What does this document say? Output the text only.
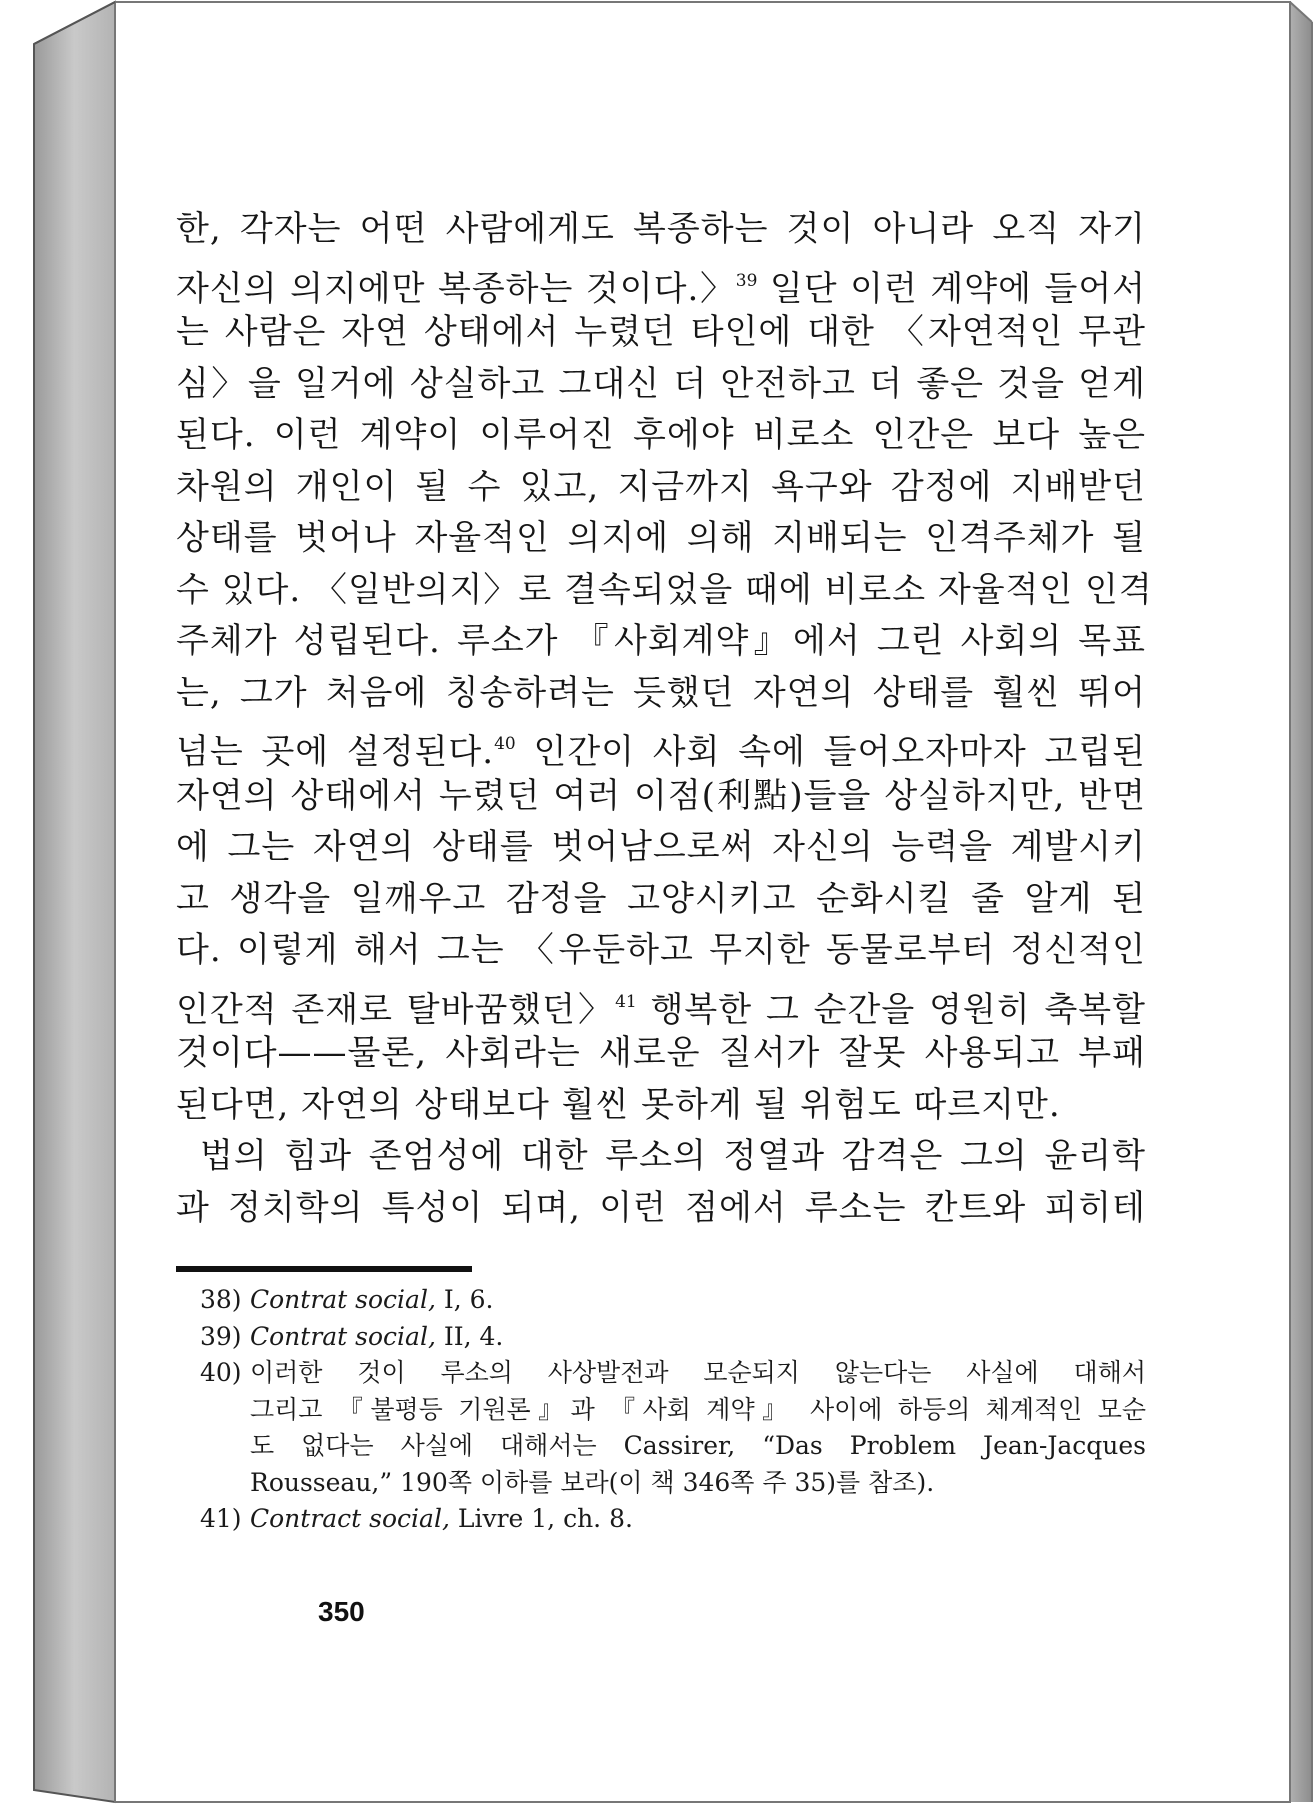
한, 각자는 어떤 사람에게도 복종하는 것이 아니라 오직 자기
자신의 의지에만 복종하는 것이다.〉$^{39}$ 일단 이런 계약에 들어서
는 사람은 자연 상태에서 누렸던 타인에 대한 〈자연적인 무관
심〉을 일거에 상실하고 그대신 더 안전하고 더 좋은 것을 얻게
된다. 이런 계약이 이루어진 후에야 비로소 인간은 보다 높은
차원의 개인이 될 수 있고, 지금까지 욕구와 감정에 지배받던
상태를 벗어나 자율적인 의지에 의해 지배되는 인격주체가 될
수 있다. 〈일반의지〉로 결속되었을 때에 비로소 자율적인 인격
주체가 성립된다. 루소가 『사회계약』에서 그린 사회의 목표
는, 그가 처음에 칭송하려는 듯했던 자연의 상태를 훨씬 뛰어
넘는 곳에 설정된다.$^{40}$ 인간이 사회 속에 들어오자마자 고립된
자연의 상태에서 누렸던 여러 이점(利點)들을 상실하지만, 반면
에 그는 자연의 상태를 벗어남으로써 자신의 능력을 계발시키
고 생각을 일깨우고 감정을 고양시키고 순화시킬 줄 알게 된
다. 이렇게 해서 그는 〈우둔하고 무지한 동물로부터 정신적인
인간적 존재로 탈바꿈했던〉$^{41}$ 행복한 그 순간을 영원히 축복할
것이다——물론, 사회라는 새로운 질서가 잘못 사용되고 부패
된다면, 자연의 상태보다 훨씬 못하게 될 위험도 따르지만.
법의 힘과 존엄성에 대한 루소의 정열과 감격은 그의 윤리학
과 정치학의 특성이 되며, 이런 점에서 루소는 칸트와 피히테
38) Contrat social, I, 6.
39) Contrat social, II, 4.
40) 이러한 것이 루소의 사상발전과 모순되지 않는다는 사실에 대해서
그리고 『불평등 기원론』과 『사회 계약』 사이에 하등의 체계적인 모순
도 없다는 사실에 대해서는 Cassirer, “Das Problem Jean-Jacques
Rousseau,” 190쪽 이하를 보라(이 책 346쪽 주 35)를 참조).
41) Contract social, Livre 1, ch. 8.
350
